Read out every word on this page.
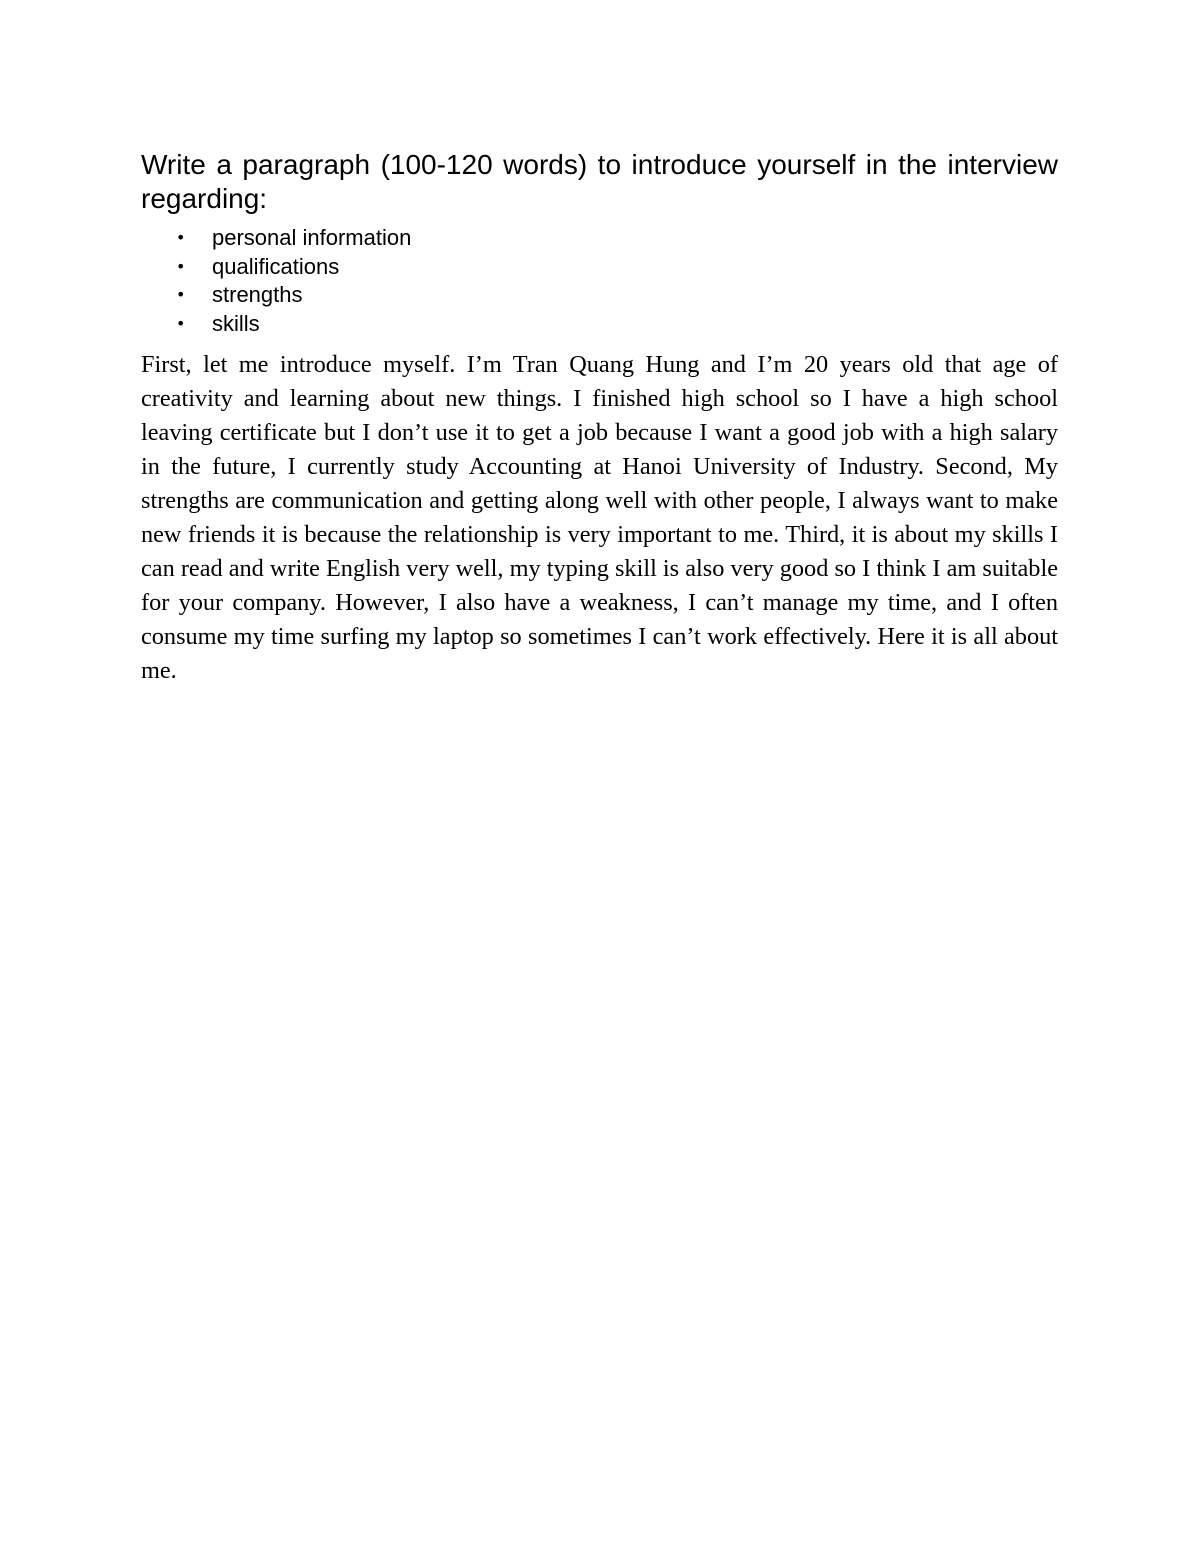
Write a paragraph (100-120 words) to introduce yourself in the interview regarding:

• personal information
• qualifications
• strengths
• skills

First, let me introduce myself. I’m Tran Quang Hung and I’m 20 years old that age of creativity and learning about new things. I finished high school so I have a high school leaving certificate but I don’t use it to get a job because I want a good job with a high salary in the future, I currently study Accounting at Hanoi University of Industry. Second, My strengths are communication and getting along well with other people, I always want to make new friends it is because the relationship is very important to me. Third, it is about my skills I can read and write English very well, my typing skill is also very good so I think I am suitable for your company. However, I also have a weakness, I can’t manage my time, and I often consume my time surfing my laptop so sometimes I can’t work effectively. Here it is all about me.
